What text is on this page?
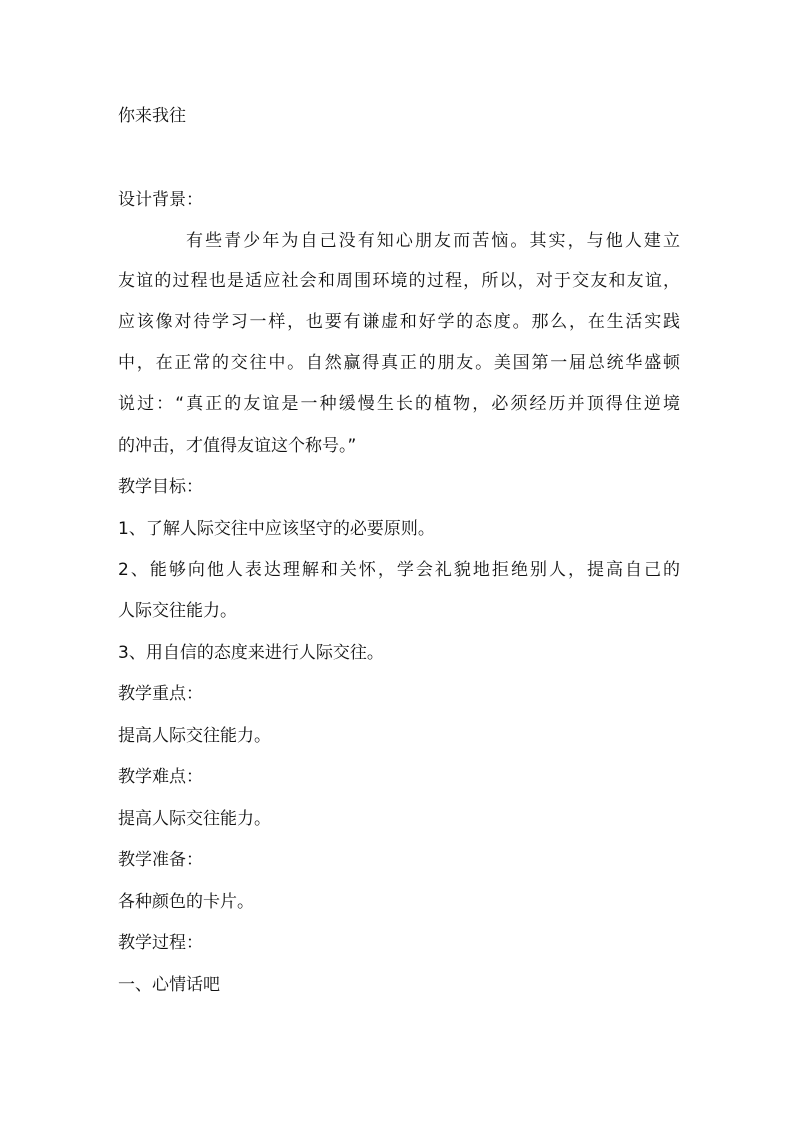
你来我往
设计背景：
有些青少年为自己没有知心朋友而苦恼。其实，与他人建立
友谊的过程也是适应社会和周围环境的过程，所以，对于交友和友谊，
应该像对待学习一样，也要有谦虚和好学的态度。那么，在生活实践
中，在正常的交往中。自然赢得真正的朋友。美国第一届总统华盛顿
说过：“真正的友谊是一种缓慢生长的植物，必须经历并顶得住逆境
的冲击，才值得友谊这个称号。”
教学目标：
1、了解人际交往中应该坚守的必要原则。
2、能够向他人表达理解和关怀，学会礼貌地拒绝别人，提高自己的
人际交往能力。
3、用自信的态度来进行人际交往。
教学重点：
提高人际交往能力。
教学难点：
提高人际交往能力。
教学准备：
各种颜色的卡片。
教学过程：
一、心情话吧
